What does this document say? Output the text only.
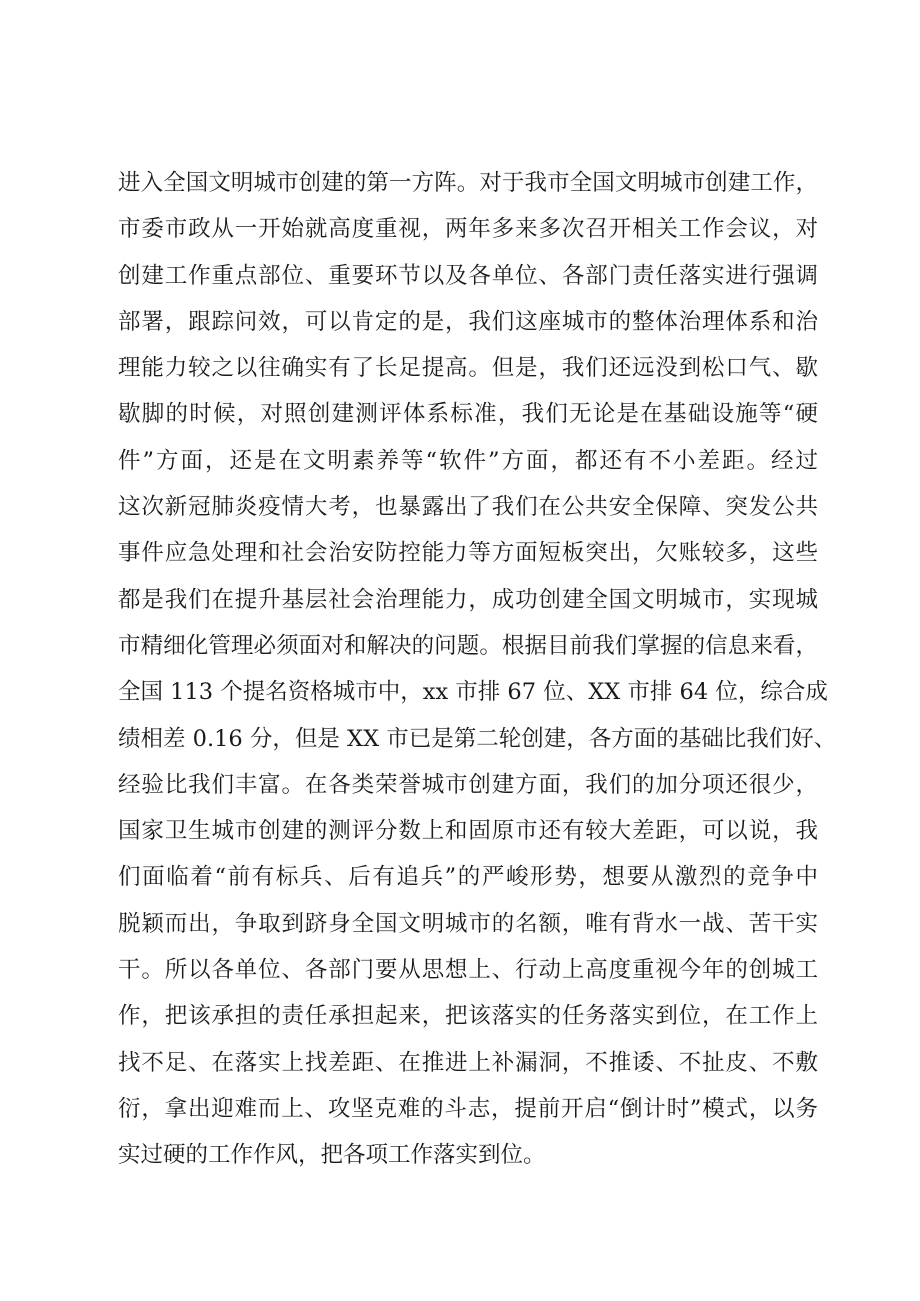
进入全国文明城市创建的第一方阵。对于我市全国文明城市创建工作，
市委市政从一开始就高度重视，两年多来多次召开相关工作会议，对
创建工作重点部位、重要环节以及各单位、各部门责任落实进行强调
部署，跟踪问效，可以肯定的是，我们这座城市的整体治理体系和治
理能力较之以往确实有了长足提高。但是，我们还远没到松口气、歇
歇脚的时候，对照创建测评体系标准，我们无论是在基础设施等“硬
件”方面，还是在文明素养等“软件”方面，都还有不小差距。经过
这次新冠肺炎疫情大考，也暴露出了我们在公共安全保障、突发公共
事件应急处理和社会治安防控能力等方面短板突出，欠账较多，这些
都是我们在提升基层社会治理能力，成功创建全国文明城市，实现城
市精细化管理必须面对和解决的问题。根据目前我们掌握的信息来看，
全国 113 个提名资格城市中，xx 市排 67 位、XX 市排 64 位，综合成
绩相差 0.16 分，但是 XX 市已是第二轮创建，各方面的基础比我们好、
经验比我们丰富。在各类荣誉城市创建方面，我们的加分项还很少，
国家卫生城市创建的测评分数上和固原市还有较大差距，可以说，我
们面临着“前有标兵、后有追兵”的严峻形势，想要从激烈的竞争中
脱颖而出，争取到跻身全国文明城市的名额，唯有背水一战、苦干实
干。所以各单位、各部门要从思想上、行动上高度重视今年的创城工
作，把该承担的责任承担起来，把该落实的任务落实到位，在工作上
找不足、在落实上找差距、在推进上补漏洞，不推诿、不扯皮、不敷
衍，拿出迎难而上、攻坚克难的斗志，提前开启“倒计时”模式，以务
实过硬的工作作风，把各项工作落实到位。
